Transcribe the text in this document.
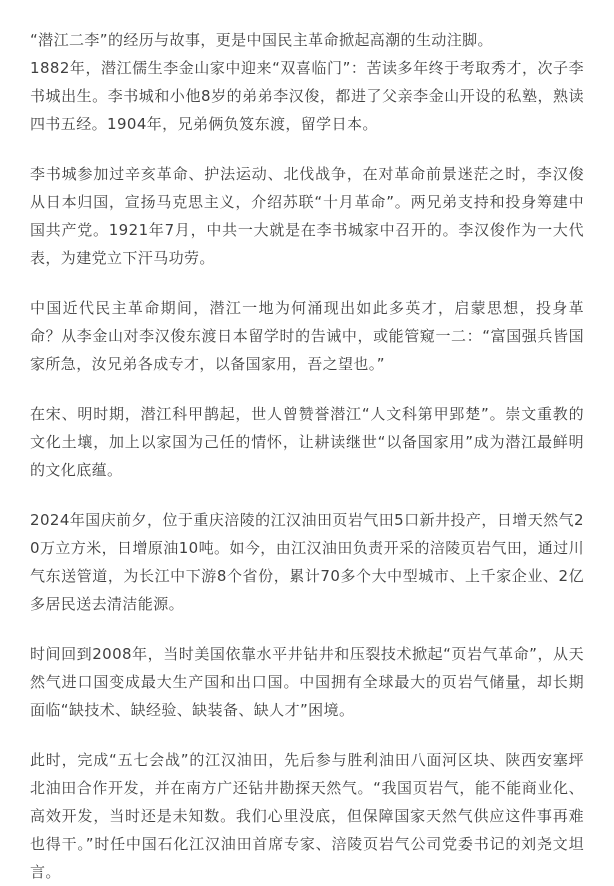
“潜江二李”的经历与故事，更是中国民主革命掀起高潮的生动注脚。
1882年，潜江儒生李金山家中迎来“双喜临门”：苦读多年终于考取秀才，次子李书城出生。李书城和小他8岁的弟弟李汉俊，都进了父亲李金山开设的私塾，熟读四书五经。1904年，兄弟俩负笈东渡，留学日本。

李书城参加过辛亥革命、护法运动、北伐战争，在对革命前景迷茫之时，李汉俊从日本归国，宣扬马克思主义，介绍苏联“十月革命”。两兄弟支持和投身筹建中国共产党。1921年7月，中共一大就是在李书城家中召开的。李汉俊作为一大代表，为建党立下汗马功劳。

中国近代民主革命期间，潜江一地为何涌现出如此多英才，启蒙思想，投身革命？从李金山对李汉俊东渡日本留学时的告诫中，或能管窥一二：“富国强兵皆国家所急，汝兄弟各成专才，以备国家用，吾之望也。”

在宋、明时期，潜江科甲鹊起，世人曾赞誉潜江“人文科第甲郢楚”。崇文重教的文化土壤，加上以家国为己任的情怀，让耕读继世“以备国家用”成为潜江最鲜明的文化底蕴。

2024年国庆前夕，位于重庆涪陵的江汉油田页岩气田5口新井投产，日增天然气20万立方米，日增原油10吨。如今，由江汉油田负责开采的涪陵页岩气田，通过川气东送管道，为长江中下游8个省份，累计70多个大中型城市、上千家企业、2亿多居民送去清洁能源。

时间回到2008年，当时美国依靠水平井钻井和压裂技术掀起“页岩气革命”，从天然气进口国变成最大生产国和出口国。中国拥有全球最大的页岩气储量，却长期面临“缺技术、缺经验、缺装备、缺人才”困境。

此时，完成“五七会战”的江汉油田，先后参与胜利油田八面河区块、陕西安塞坪北油田合作开发，并在南方广还钻井勘探天然气。“我国页岩气，能不能商业化、高效开发，当时还是未知数。我们心里没底，但保障国家天然气供应这件事再难也得干。”时任中国石化江汉油田首席专家、涪陵页岩气公司党委书记的刘尧文坦言。
